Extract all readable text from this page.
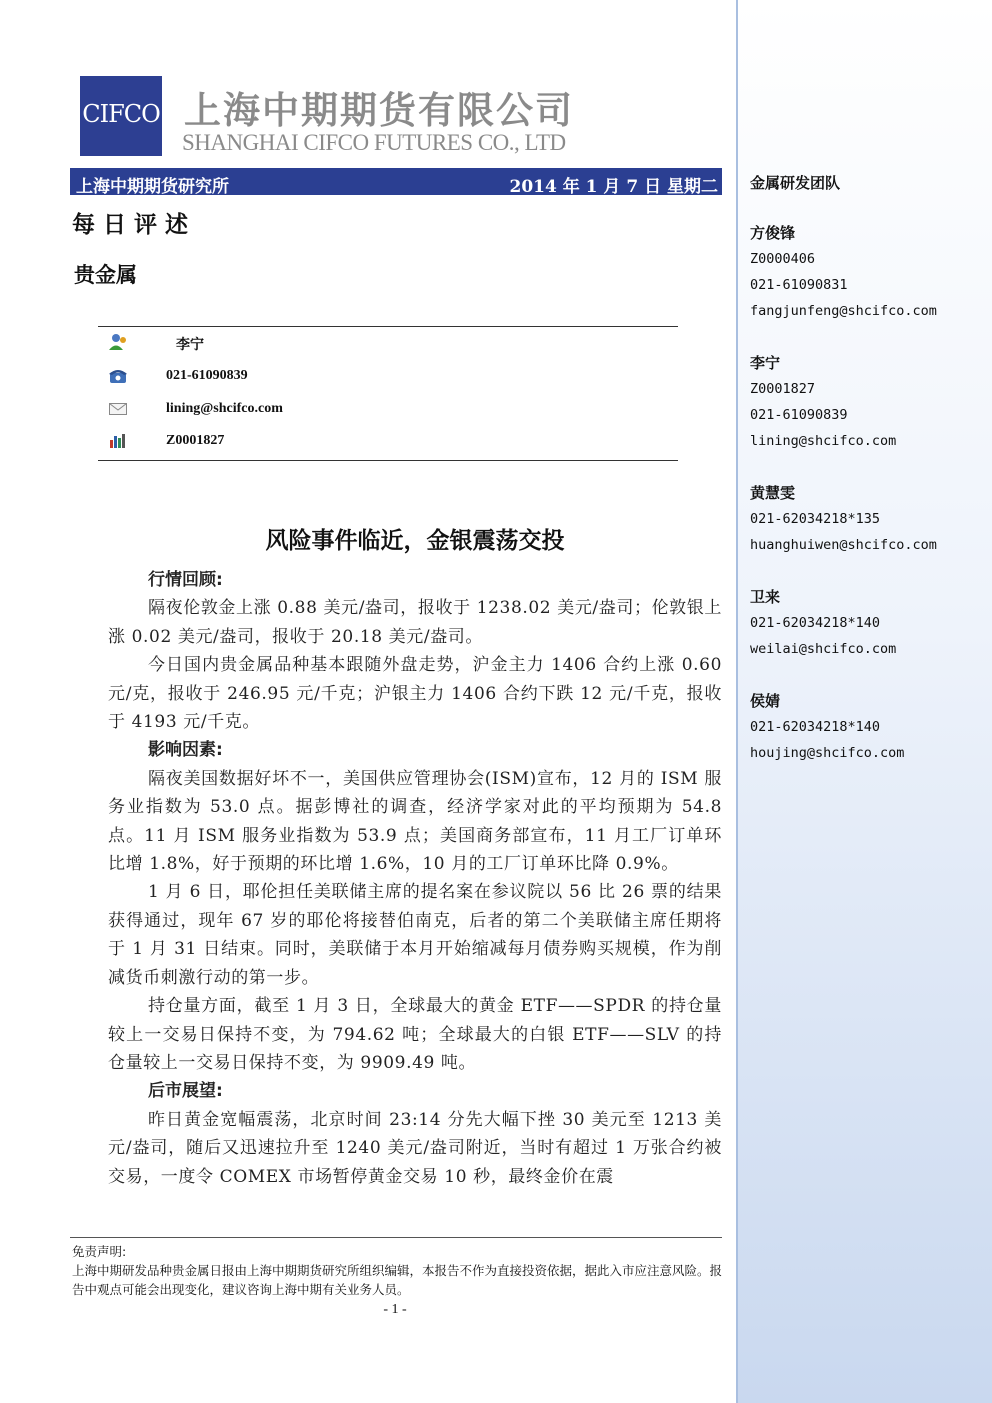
CIFCO 上海中期期货有限公司
SHANGHAI CIFCO FUTURES CO., LTD
上海中期期货研究所	2014 年 1 月 7 日 星期二
每日评述
贵金属
李宁
021-61090839
lining@shcifco.com
Z0001827
风险事件临近，金银震荡交投
行情回顾:
隔夜伦敦金上涨 0.88 美元/盎司，报收于 1238.02 美元/盎司；伦敦银上涨 0.02 美元/盎司，报收于 20.18 美元/盎司。
今日国内贵金属品种基本跟随外盘走势，沪金主力 1406 合约上涨 0.60 元/克，报收于 246.95 元/千克；沪银主力 1406 合约下跌 12 元/千克，报收于 4193 元/千克。
影响因素:
隔夜美国数据好坏不一，美国供应管理协会(ISM)宣布，12 月的 ISM 服务业指数为 53.0 点。据彭博社的调查，经济学家对此的平均预期为 54.8 点。11 月 ISM 服务业指数为 53.9 点；美国商务部宣布，11 月工厂订单环比增 1.8%，好于预期的环比增 1.6%，10 月的工厂订单环比降 0.9%。
1 月 6 日，耶伦担任美联储主席的提名案在参议院以 56 比 26 票的结果获得通过，现年 67 岁的耶伦将接替伯南克，后者的第二个美联储主席任期将于 1 月 31 日结束。同时，美联储于本月开始缩减每月债券购买规模，作为削减货币刺激行动的第一步。
持仓量方面，截至 1 月 3 日，全球最大的黄金 ETF——SPDR 的持仓量较上一交易日保持不变，为 794.62 吨；全球最大的白银 ETF——SLV 的持仓量较上一交易日保持不变，为 9909.49 吨。
后市展望:
昨日黄金宽幅震荡，北京时间 23:14 分先大幅下挫 30 美元至 1213 美元/盎司，随后又迅速拉升至 1240 美元/盎司附近，当时有超过 1 万张合约被交易，一度令 COMEX 市场暂停黄金交易 10 秒，最终金价在震
免责声明:
上海中期研发品种贵金属日报由上海中期期货研究所组织编辑，本报告不作为直接投资依据，据此入市应注意风险。报告中观点可能会出现变化，建议咨询上海中期有关业务人员。
- 1 -
金属研发团队
方俊锋
Z0000406
021-61090831
fangjunfeng@shcifco.com
李宁
Z0001827
021-61090839
lining@shcifco.com
黄慧雯
021-62034218*135
huanghuiwen@shcifco.com
卫来
021-62034218*140
weilai@shcifco.com
侯婧
021-62034218*140
houjing@shcifco.com
